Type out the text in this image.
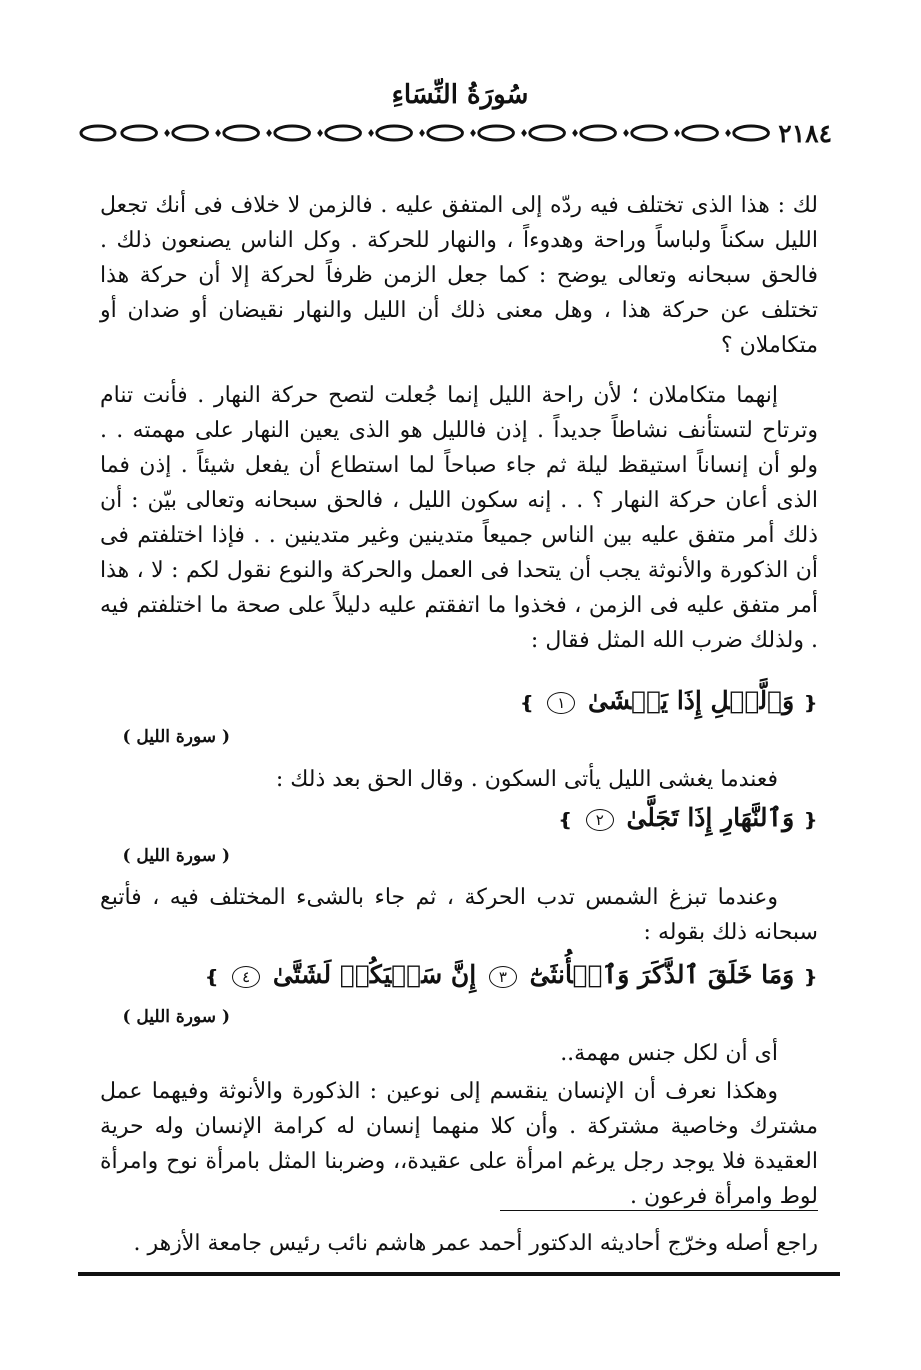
سُورَةُ النِّسَاءِ
٢١٨٤

لك : هذا الذى تختلف فيه ردّه إلى المتفق عليه . فالزمن لا خلاف فى أنك تجعل الليل سكناً ولباساً وراحة وهدوءاً ، والنهار للحركة . وكل الناس يصنعون ذلك . فالحق سبحانه وتعالى يوضح : كما جعل الزمن ظرفاً لحركة إلا أن حركة هذا تختلف عن حركة هذا ، وهل معنى ذلك أن الليل والنهار نقيضان أو ضدان أو متكاملان ؟

إنهما متكاملان ؛ لأن راحة الليل إنما جُعلت لتصح حركة النهار . فأنت تنام وترتاح لتستأنف نشاطاً جديداً . إذن فالليل هو الذى يعين النهار على مهمته . . ولو أن إنساناً استيقظ ليلة ثم جاء صباحاً لما استطاع أن يفعل شيئاً . إذن فما الذى أعان حركة النهار ؟ . . إنه سكون الليل ، فالحق سبحانه وتعالى بيّن : أن ذلك أمر متفق عليه بين الناس جميعاً متدينين وغير متدينين . . فإذا اختلفتم فى أن الذكورة والأنوثة يجب أن يتحدا فى العمل والحركة والنوع نقول لكم : لا ، هذا أمر متفق عليه فى الزمن ، فخذوا ما اتفقتم عليه دليلاً على صحة ما اختلفتم فيه . ولذلك ضرب الله المثل فقال :

❴ وَٱلَّيۡلِ إِذَا يَغۡشَىٰ ١ ❵
( سورة الليل )

فعندما يغشى الليل يأتى السكون . وقال الحق بعد ذلك :

❴ وَٱلنَّهَارِ إِذَا تَجَلَّىٰ ٢ ❵
( سورة الليل )

وعندما تبزغ الشمس تدب الحركة ، ثم جاء بالشىء المختلف فيه ، فأتبع سبحانه ذلك بقوله :

❴ وَمَا خَلَقَ ٱلذَّكَرَ وَٱلۡأُنثَىٰٓ ٣ إِنَّ سَعۡيَكُمۡ لَشَتَّىٰ ٤ ❵
( سورة الليل )

أى أن لكل جنس مهمة..

وهكذا نعرف أن الإنسان ينقسم إلى نوعين : الذكورة والأنوثة وفيهما عمل مشترك وخاصية مشتركة . وأن كلا منهما إنسان له كرامة الإنسان وله حرية العقيدة فلا يوجد رجل يرغم امرأة على عقيدة،، وضربنا المثل بامرأة نوح وامرأة لوط وامرأة فرعون .

راجع أصله وخرّج أحاديثه الدكتور أحمد عمر هاشم نائب رئيس جامعة الأزهر .
